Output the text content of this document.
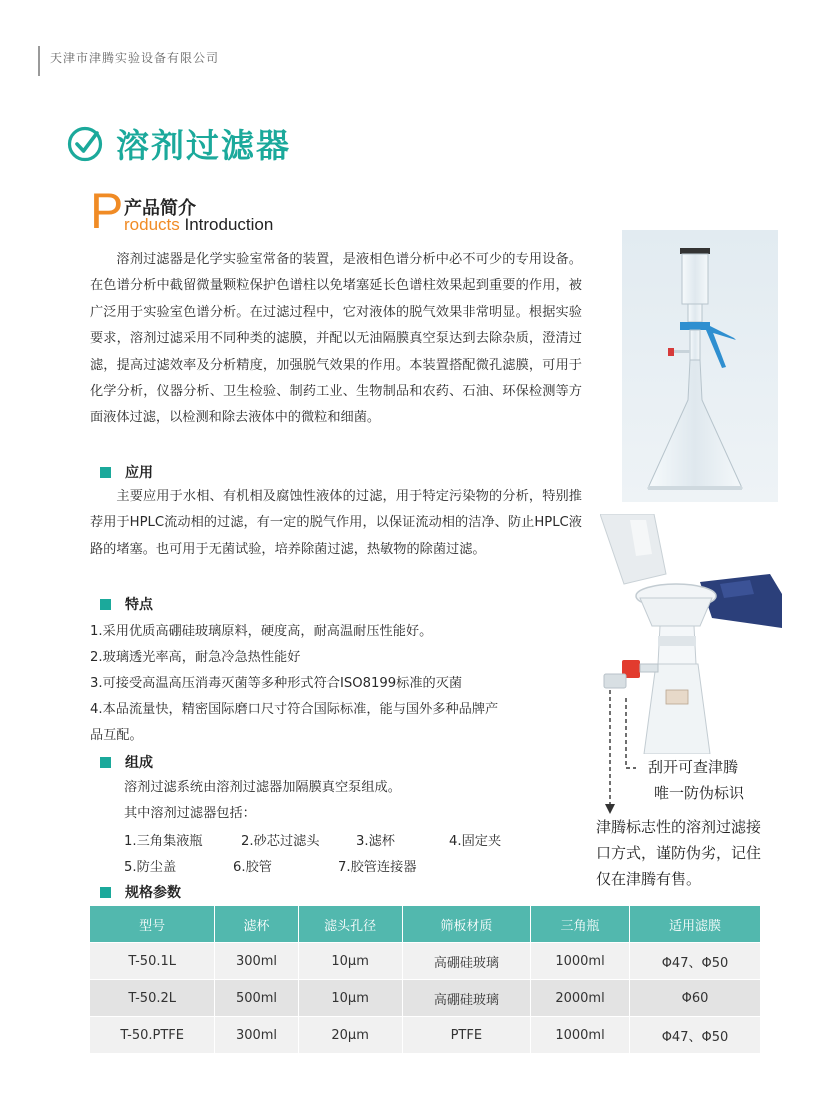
天津市津腾实验设备有限公司
溶剂过滤器
P 产品简介
roducts Introduction

溶剂过滤器是化学实验室常备的装置，是液相色谱分析中必不可少的专用设备。在色谱分析中截留微量颗粒保护色谱柱以免堵塞延长色谱柱效果起到重要的作用，被广泛用于实验室色谱分析。在过滤过程中，它对液体的脱气效果非常明显。根据实验要求，溶剂过滤采用不同种类的滤膜，并配以无油隔膜真空泵达到去除杂质，澄清过滤，提高过滤效率及分析精度，加强脱气效果的作用。本装置搭配微孔滤膜，可用于化学分析，仪器分析、卫生检验、制药工业、生物制品和农药、石油、环保检测等方面液体过滤，以检测和除去液体中的微粒和细菌。

应用

主要应用于水相、有机相及腐蚀性液体的过滤，用于特定污染物的分析，特别推荐用于HPLC流动相的过滤，有一定的脱气作用，以保证流动相的洁净、防止HPLC液路的堵塞。也可用于无菌试验，培养除菌过滤，热敏物的除菌过滤。

特点
1.采用优质高硼硅玻璃原料，硬度高，耐高温耐压性能好。
2.玻璃透光率高，耐急冷急热性能好
3.可接受高温高压消毒灭菌等多种形式符合ISO8199标准的灭菌
4.本品流量快，精密国际磨口尺寸符合国际标准，能与国外多种品牌产
品互配。
组成
溶剂过滤系统由溶剂过滤器加隔膜真空泵组成。
其中溶剂过滤器包括：
1.三角集液瓶	2.砂芯过滤头	3.滤杯	4.固定夹
5.防尘盖	6.胶管	7.胶管连接器
规格参数
刮开可查津腾
唯一防伪标识
津腾标志性的溶剂过滤接
口方式，谨防伪劣，记住
仅在津腾有售。
型号	滤杯	滤头孔径	筛板材质	三角瓶	适用滤膜
T-50.1L	300ml	10μm	高硼硅玻璃	1000ml	Φ47、Φ50
T-50.2L	500ml	10μm	高硼硅玻璃	2000ml	Φ60
T-50.PTFE	300ml	20μm	PTFE	1000ml	Φ47、Φ50
